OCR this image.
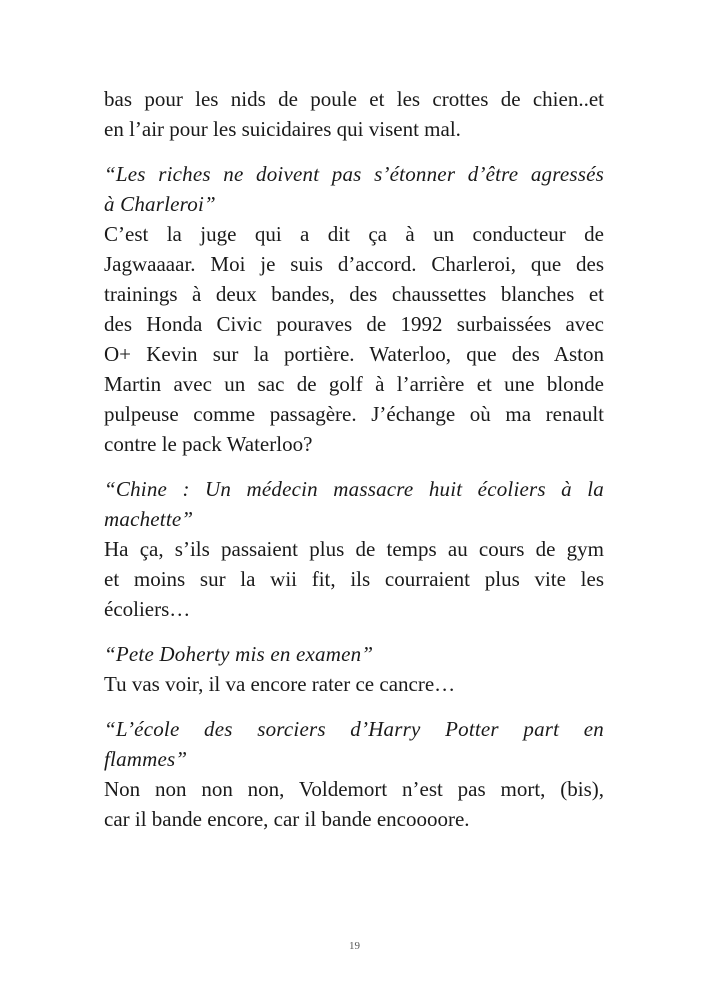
bas pour les nids de poule et les crottes de chien..et
en l’air pour les suicidaires qui visent mal.
“Les riches ne doivent pas s’étonner d’être agressés
à Charleroi”
C’est la juge qui a dit ça à un conducteur de
Jagwaaaar. Moi je suis d’accord. Charleroi, que des
trainings à deux bandes, des chaussettes blanches et
des Honda Civic pouraves de 1992 surbaissées avec
O+ Kevin sur la portière. Waterloo, que des Aston
Martin avec un sac de golf à l’arrière et une blonde
pulpeuse comme passagère. J’échange où ma renault
contre le pack Waterloo?
“Chine : Un médecin massacre huit écoliers à la
machette”
Ha ça, s’ils passaient plus de temps au cours de gym
et moins sur la wii fit, ils courraient plus vite les
écoliers…
“Pete Doherty mis en examen”
Tu vas voir, il va encore rater ce cancre…
“L’école des sorciers d’Harry Potter part en
flammes”
Non non non non, Voldemort n’est pas mort, (bis),
car il bande encore, car il bande encoooore.
19
